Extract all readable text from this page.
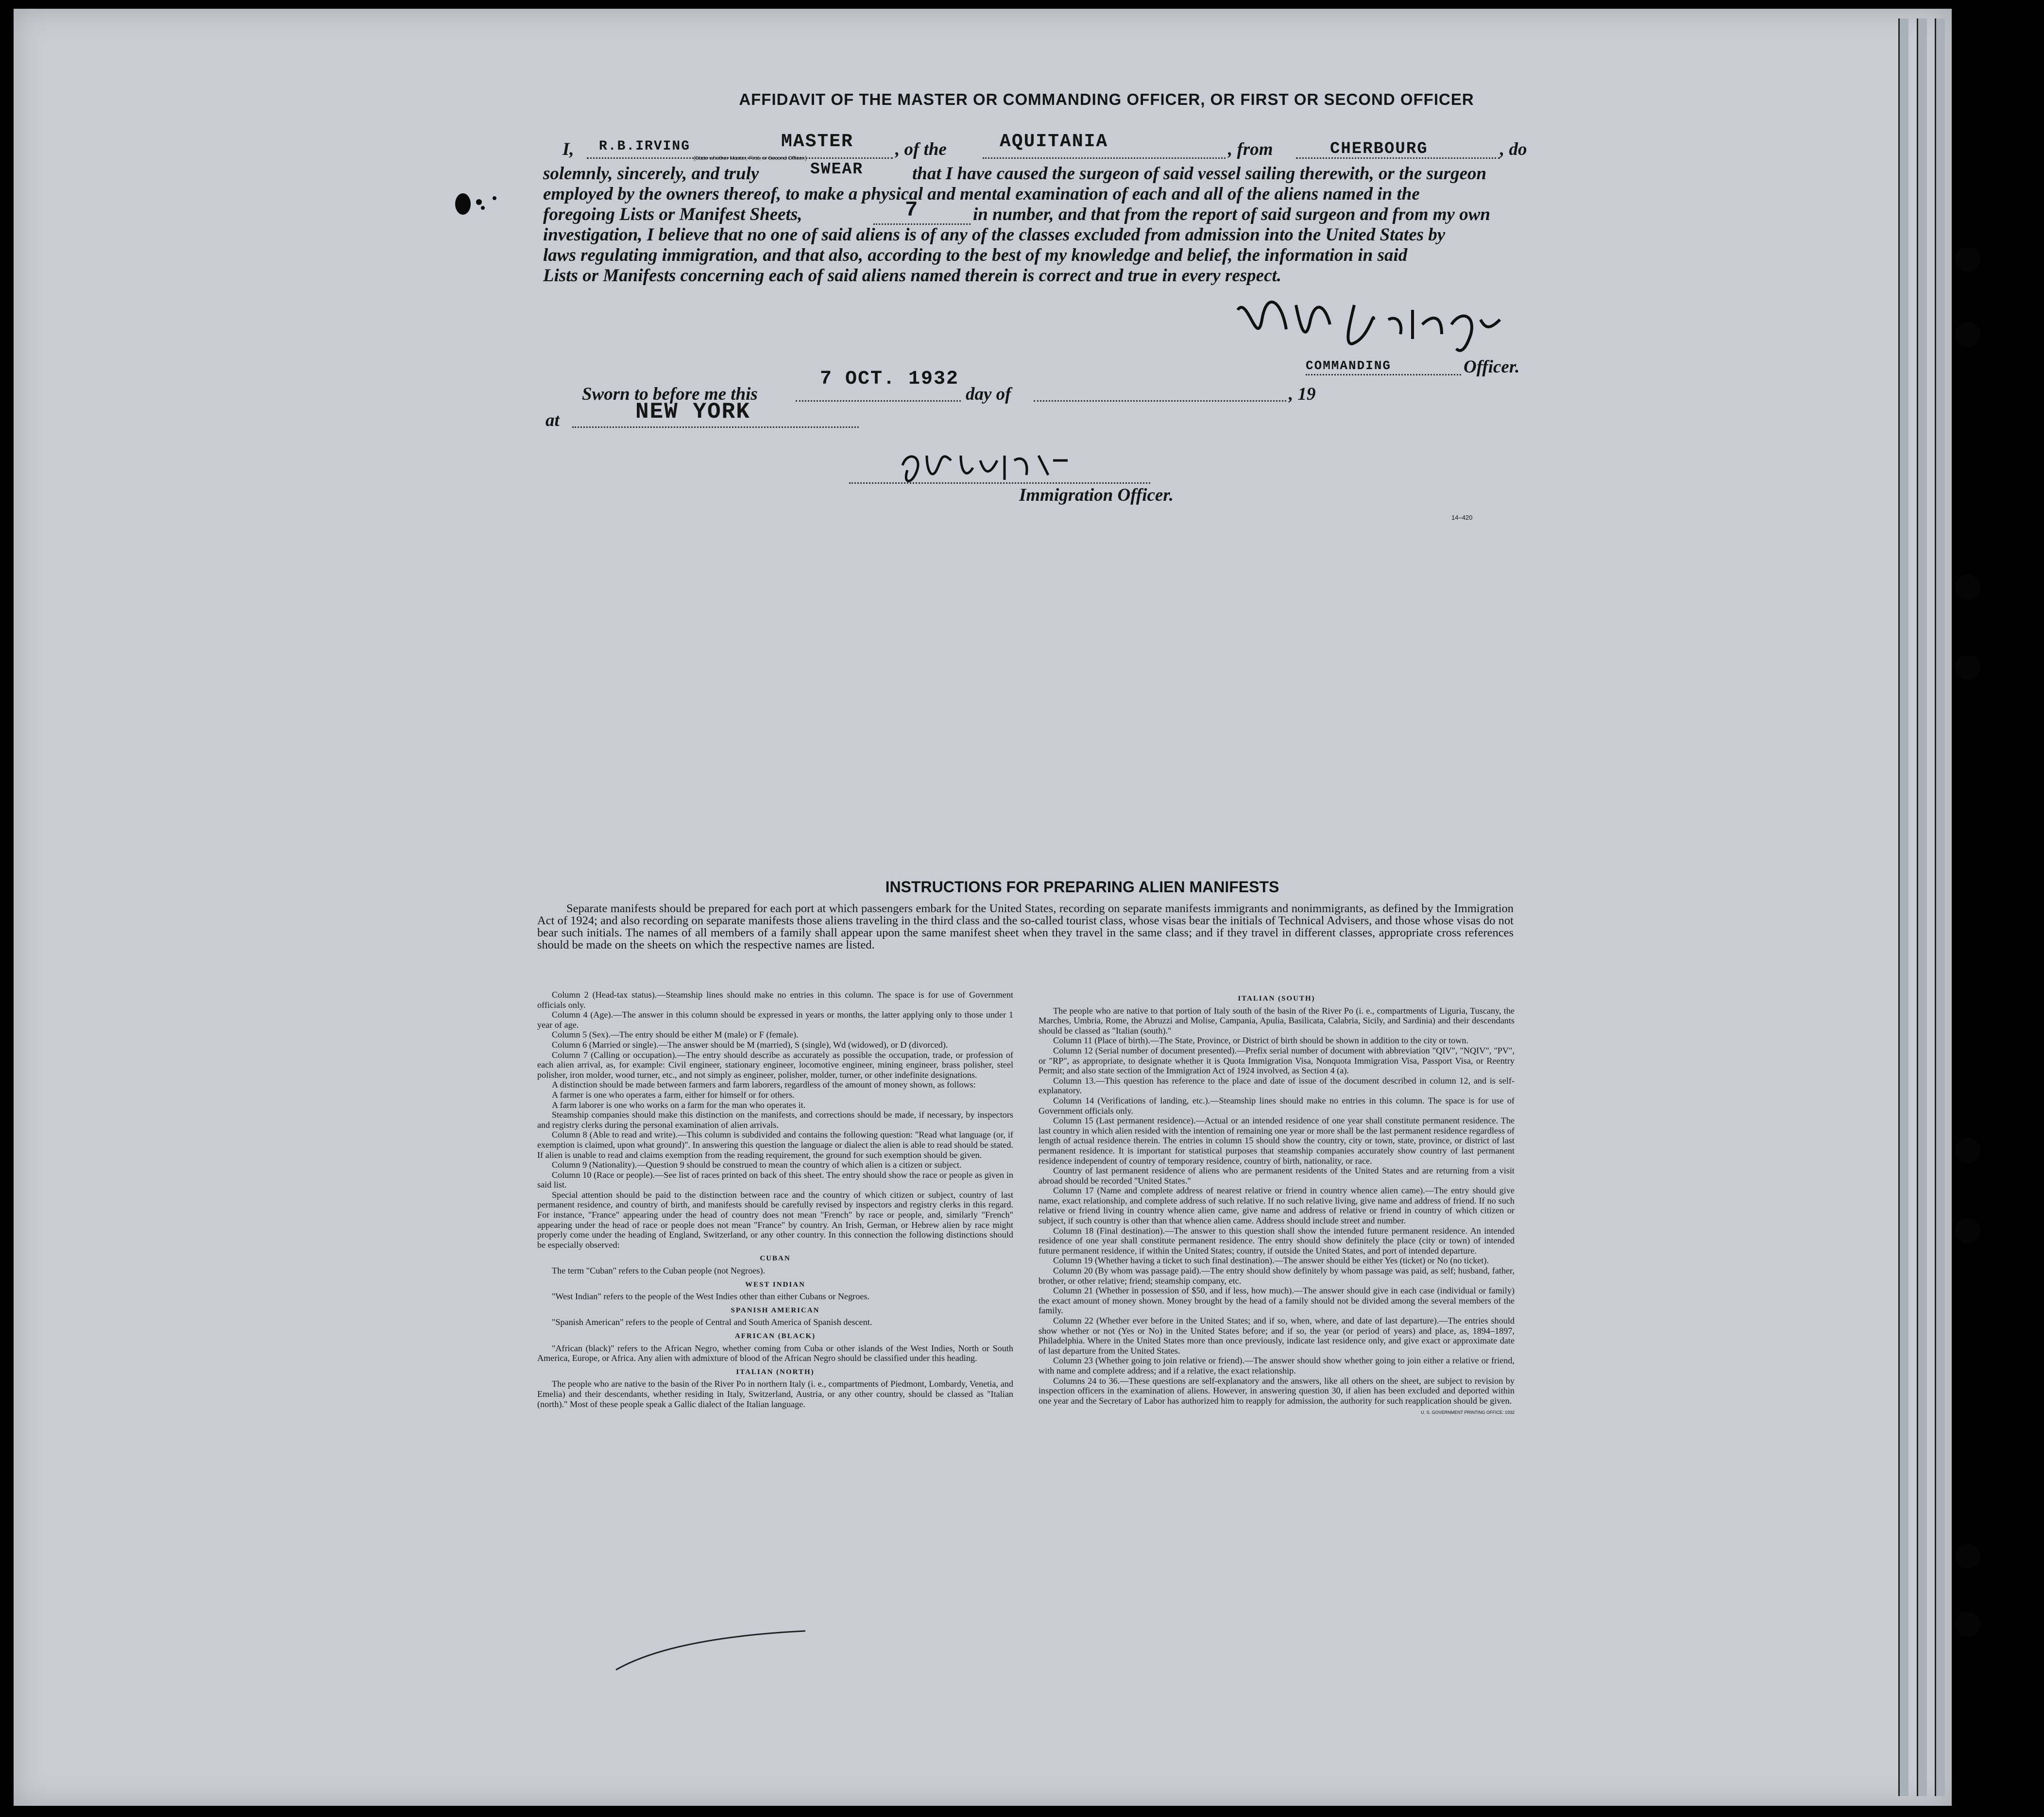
AFFIDAVIT OF THE MASTER OR COMMANDING OFFICER, OR FIRST OR SECOND OFFICER
I, R.B.IRVING	MASTER
(State whether Master, First, or Second Officer.)	, of the	AQUITANIA	, from	CHERBOURG	, do
solemnly, sincerely, and truly	SWEAR	that I have caused the surgeon of said vessel sailing therewith, or the surgeon
employed by the owners thereof, to make a physical and mental examination of each and all of the aliens named in the
foregoing Lists or Manifest Sheets,	7	in number, and that from the report of said surgeon and from my own
investigation, I believe that no one of said aliens is of any of the classes excluded from admission into the United States by
laws regulating immigration, and that also, according to the best of my knowledge and belief, the information in said
Lists or Manifests concerning each of said aliens named therein is correct and true in every respect.
COMMANDING	Officer.
Sworn to before me this
7 OCT. 1932
day of	, 19
at	NEW YORK
Immigration Officer.
14–420
INSTRUCTIONS FOR PREPARING ALIEN MANIFESTS
Separate manifests should be prepared for each port at which passengers embark for the United States, recording on separate manifests immigrants and nonimmigrants, as defined by the Immigration Act of 1924; and also recording on separate manifests those aliens traveling in the third class and the so-called tourist class, whose visas bear the initials of Technical Advisers, and those whose visas do not bear such initials. The names of all members of a family shall appear upon the same manifest sheet when they travel in the same class; and if they travel in different classes, appropriate cross references should be made on the sheets on which the respective names are listed.

Column 2 (Head-tax status).—Steamship lines should make no entries in this column. The space is for use of Government officials only.

Column 4 (Age).—The answer in this column should be expressed in years or months, the latter applying only to those under 1 year of age.

Column 5 (Sex).—The entry should be either M (male) or F (female).

Column 6 (Married or single).—The answer should be M (married), S (single), Wd (widowed), or D (divorced).

Column 7 (Calling or occupation).—The entry should describe as accurately as possible the occupation, trade, or profession of each alien arrival, as, for example: Civil engineer, stationary engineer, locomotive engineer, mining engineer, brass polisher, steel polisher, iron molder, wood turner, etc., and not simply as engineer, polisher, molder, turner, or other indefinite designations.

A distinction should be made between farmers and farm laborers, regardless of the amount of money shown, as follows:

A farmer is one who operates a farm, either for himself or for others.

A farm laborer is one who works on a farm for the man who operates it.

Steamship companies should make this distinction on the manifests, and corrections should be made, if necessary, by inspectors and registry clerks during the personal examination of alien arrivals.

Column 8 (Able to read and write).—This column is subdivided and contains the following question: "Read what language (or, if exemption is claimed, upon what ground)". In answering this question the language or dialect the alien is able to read should be stated. If alien is unable to read and claims exemption from the reading requirement, the ground for such exemption should be given.

Column 9 (Nationality).—Question 9 should be construed to mean the country of which alien is a citizen or subject.

Column 10 (Race or people).—See list of races printed on back of this sheet. The entry should show the race or people as given in said list.

Special attention should be paid to the distinction between race and the country of which citizen or subject, country of last permanent residence, and country of birth, and manifests should be carefully revised by inspectors and registry clerks in this regard. For instance, "France" appearing under the head of country does not mean "French" by race or people, and, similarly "French" appearing under the head of race or people does not mean "France" by country. An Irish, German, or Hebrew alien by race might properly come under the heading of England, Switzerland, or any other country. In this connection the following distinctions should be especially observed:

CUBAN

The term "Cuban" refers to the Cuban people (not Negroes).

WEST INDIAN

"West Indian" refers to the people of the West Indies other than either Cubans or Negroes.

SPANISH AMERICAN

"Spanish American" refers to the people of Central and South America of Spanish descent.

AFRICAN (BLACK)

"African (black)" refers to the African Negro, whether coming from Cuba or other islands of the West Indies, North or South America, Europe, or Africa. Any alien with admixture of blood of the African Negro should be classified under this heading.

ITALIAN (NORTH)

The people who are native to the basin of the River Po in northern Italy (i. e., compartments of Piedmont, Lombardy, Venetia, and Emelia) and their descendants, whether residing in Italy, Switzerland, Austria, or any other country, should be classed as "Italian (north)." Most of these people speak a Gallic dialect of the Italian language.

ITALIAN (SOUTH)

The people who are native to that portion of Italy south of the basin of the River Po (i. e., compartments of Liguria, Tuscany, the Marches, Umbria, Rome, the Abruzzi and Molise, Campania, Apulia, Basilicata, Calabria, Sicily, and Sardinia) and their descendants should be classed as "Italian (south)."

Column 11 (Place of birth).—The State, Province, or District of birth should be shown in addition to the city or town.

Column 12 (Serial number of document presented).—Prefix serial number of document with abbreviation "QIV", "NQIV", "PV", or "RP", as appropriate, to designate whether it is Quota Immigration Visa, Nonquota Immigration Visa, Passport Visa, or Reentry Permit; and also state section of the Immigration Act of 1924 involved, as Section 4 (a).

Column 13.—This question has reference to the place and date of issue of the document described in column 12, and is self-explanatory.

Column 14 (Verifications of landing, etc.).—Steamship lines should make no entries in this column. The space is for use of Government officials only.

Column 15 (Last permanent residence).—Actual or an intended residence of one year shall constitute permanent residence. The last country in which alien resided with the intention of remaining one year or more shall be the last permanent residence regardless of length of actual residence therein. The entries in column 15 should show the country, city or town, state, province, or district of last permanent residence. It is important for statistical purposes that steamship companies accurately show country of last permanent residence independent of country of temporary residence, country of birth, nationality, or race.

Country of last permanent residence of aliens who are permanent residents of the United States and are returning from a visit abroad should be recorded "United States."

Column 17 (Name and complete address of nearest relative or friend in country whence alien came).—The entry should give name, exact relationship, and complete address of such relative. If no such relative living, give name and address of friend. If no such relative or friend living in country whence alien came, give name and address of relative or friend in country of which citizen or subject, if such country is other than that whence alien came. Address should include street and number.

Column 18 (Final destination).—The answer to this question shall show the intended future permanent residence. An intended residence of one year shall constitute permanent residence. The entry should show definitely the place (city or town) of intended future permanent residence, if within the United States; country, if outside the United States, and port of intended departure.

Column 19 (Whether having a ticket to such final destination).—The answer should be either Yes (ticket) or No (no ticket).

Column 20 (By whom was passage paid).—The entry should show definitely by whom passage was paid, as self; husband, father, brother, or other relative; friend; steamship company, etc.

Column 21 (Whether in possession of $50, and if less, how much).—The answer should give in each case (individual or family) the exact amount of money shown. Money brought by the head of a family should not be divided among the several members of the family.

Column 22 (Whether ever before in the United States; and if so, when, where, and date of last departure).—The entries should show whether or not (Yes or No) in the United States before; and if so, the year (or period of years) and place, as, 1894–1897, Philadelphia. Where in the United States more than once previously, indicate last residence only, and give exact or approximate date of last departure from the United States.

Column 23 (Whether going to join relative or friend).—The answer should show whether going to join either a relative or friend, with name and complete address; and if a relative, the exact relationship.

Columns 24 to 36.—These questions are self-explanatory and the answers, like all others on the sheet, are subject to revision by inspection officers in the examination of aliens. However, in answering question 30, if alien has been excluded and deported within one year and the Secretary of Labor has authorized him to reapply for admission, the authority for such reapplication should be given.

U. S. GOVERNMENT PRINTING OFFICE: 1932
